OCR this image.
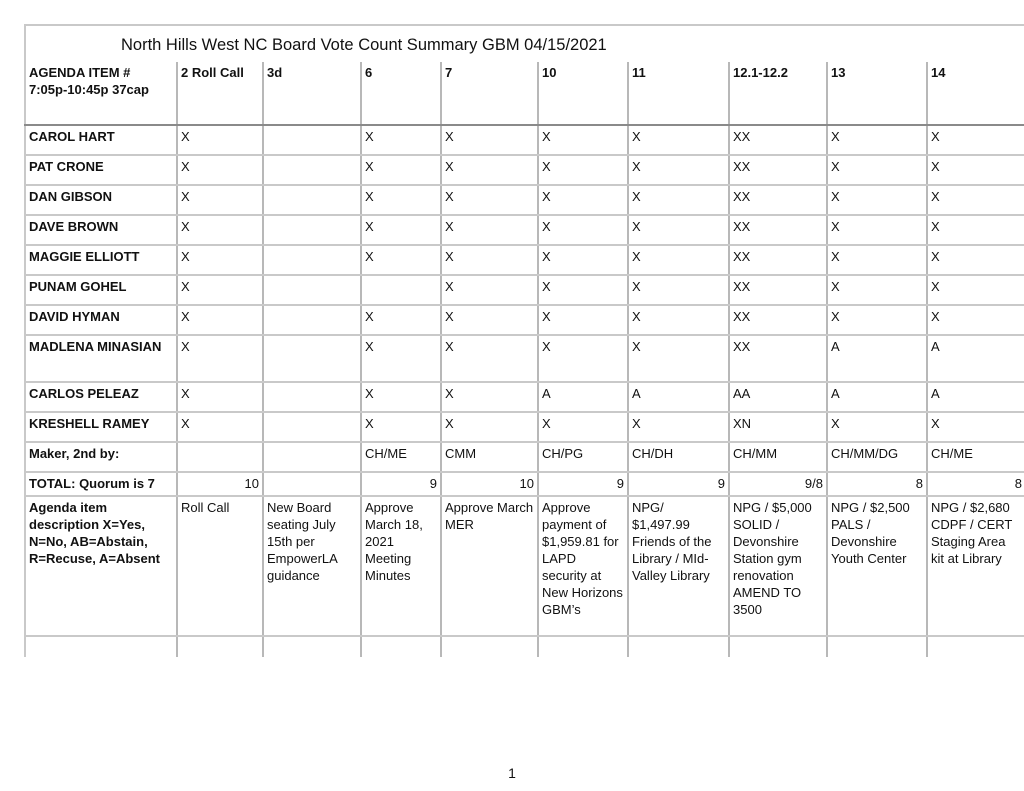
North Hills West NC Board Vote Count Summary GBM 04/15/2021
AGENDA ITEM #
7:05p-10:45p 37cap	2 Roll Call	3d	6	7	10	11	12.1-12.2	13	14
CAROL HART	X		X	X	X	X	XX	X	X
PAT CRONE	X		X	X	X	X	XX	X	X
DAN GIBSON	X		X	X	X	X	XX	X	X
DAVE BROWN	X		X	X	X	X	XX	X	X
MAGGIE ELLIOTT	X		X	X	X	X	XX	X	X
PUNAM GOHEL	X			X	X	X	XX	X	X
DAVID HYMAN	X		X	X	X	X	XX	X	X
MADLENA MINASIAN	X		X	X	X	X	XX	A	A
CARLOS PELEAZ	X		X	X	A	A	AA	A	A
KRESHELL RAMEY	X		X	X	X	X	XN	X	X
Maker, 2nd by:			CH/ME	CMM	CH/PG	CH/DH	CH/MM	CH/MM/DG	CH/ME
TOTAL: Quorum is 7	10		9	10	9	9	9/8	8	8
Agenda item description X=Yes, N=No, AB=Abstain, R=Recuse, A=Absent	Roll Call	New Board seating July 15th per EmpowerLA guidance	Approve March 18, 2021 Meeting Minutes	Approve March MER	Approve payment of $1,959.81 for LAPD security at New Horizons GBM’s	NPG/ $1,497.99 Friends of the Library / MId-Valley Library	NPG / $5,000 SOLID / Devonshire Station gym renovation AMEND TO 3500	NPG / $2,500 PALS / Devonshire Youth Center	NPG / $2,680 CDPF / CERT Staging Area kit at Library

1
